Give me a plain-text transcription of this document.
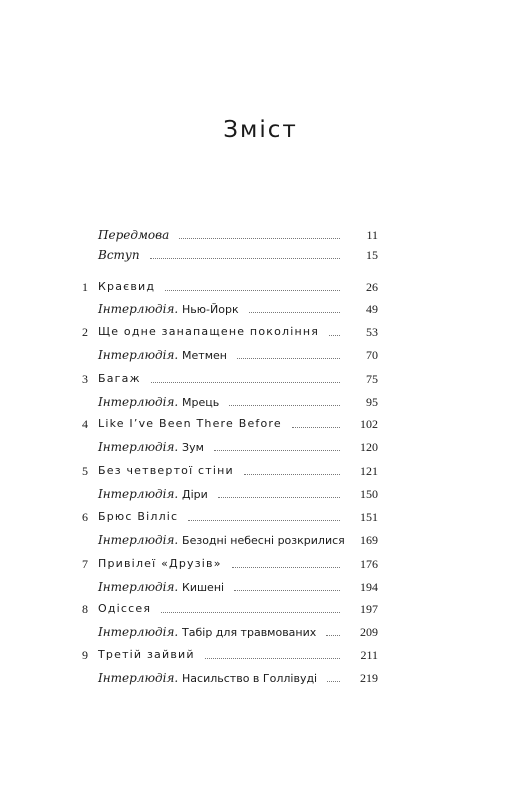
Зміст
Передмова	11
Вступ	15
1 Краєвид	26
Інтерлюдія. Нью-Йорк	49
2 Ще одне занапащене покоління	53
Інтерлюдія. Метмен	70
3 Багаж	75
Інтерлюдія. Мрець	95
4 Like I’ve Been There Before	102
Інтерлюдія. Зум	120
5 Без четвертої стіни	121
Інтерлюдія. Діри	150
6 Брюс Вілліс	151
Інтерлюдія. Безодні небесні розкрилися	169
7 Привілеї «Друзів»	176
Інтерлюдія. Кишені	194
8 Одіссея	197
Інтерлюдія. Табір для травмованих	209
9 Третій зайвий	211
Інтерлюдія. Насильство в Голлівуді	219
